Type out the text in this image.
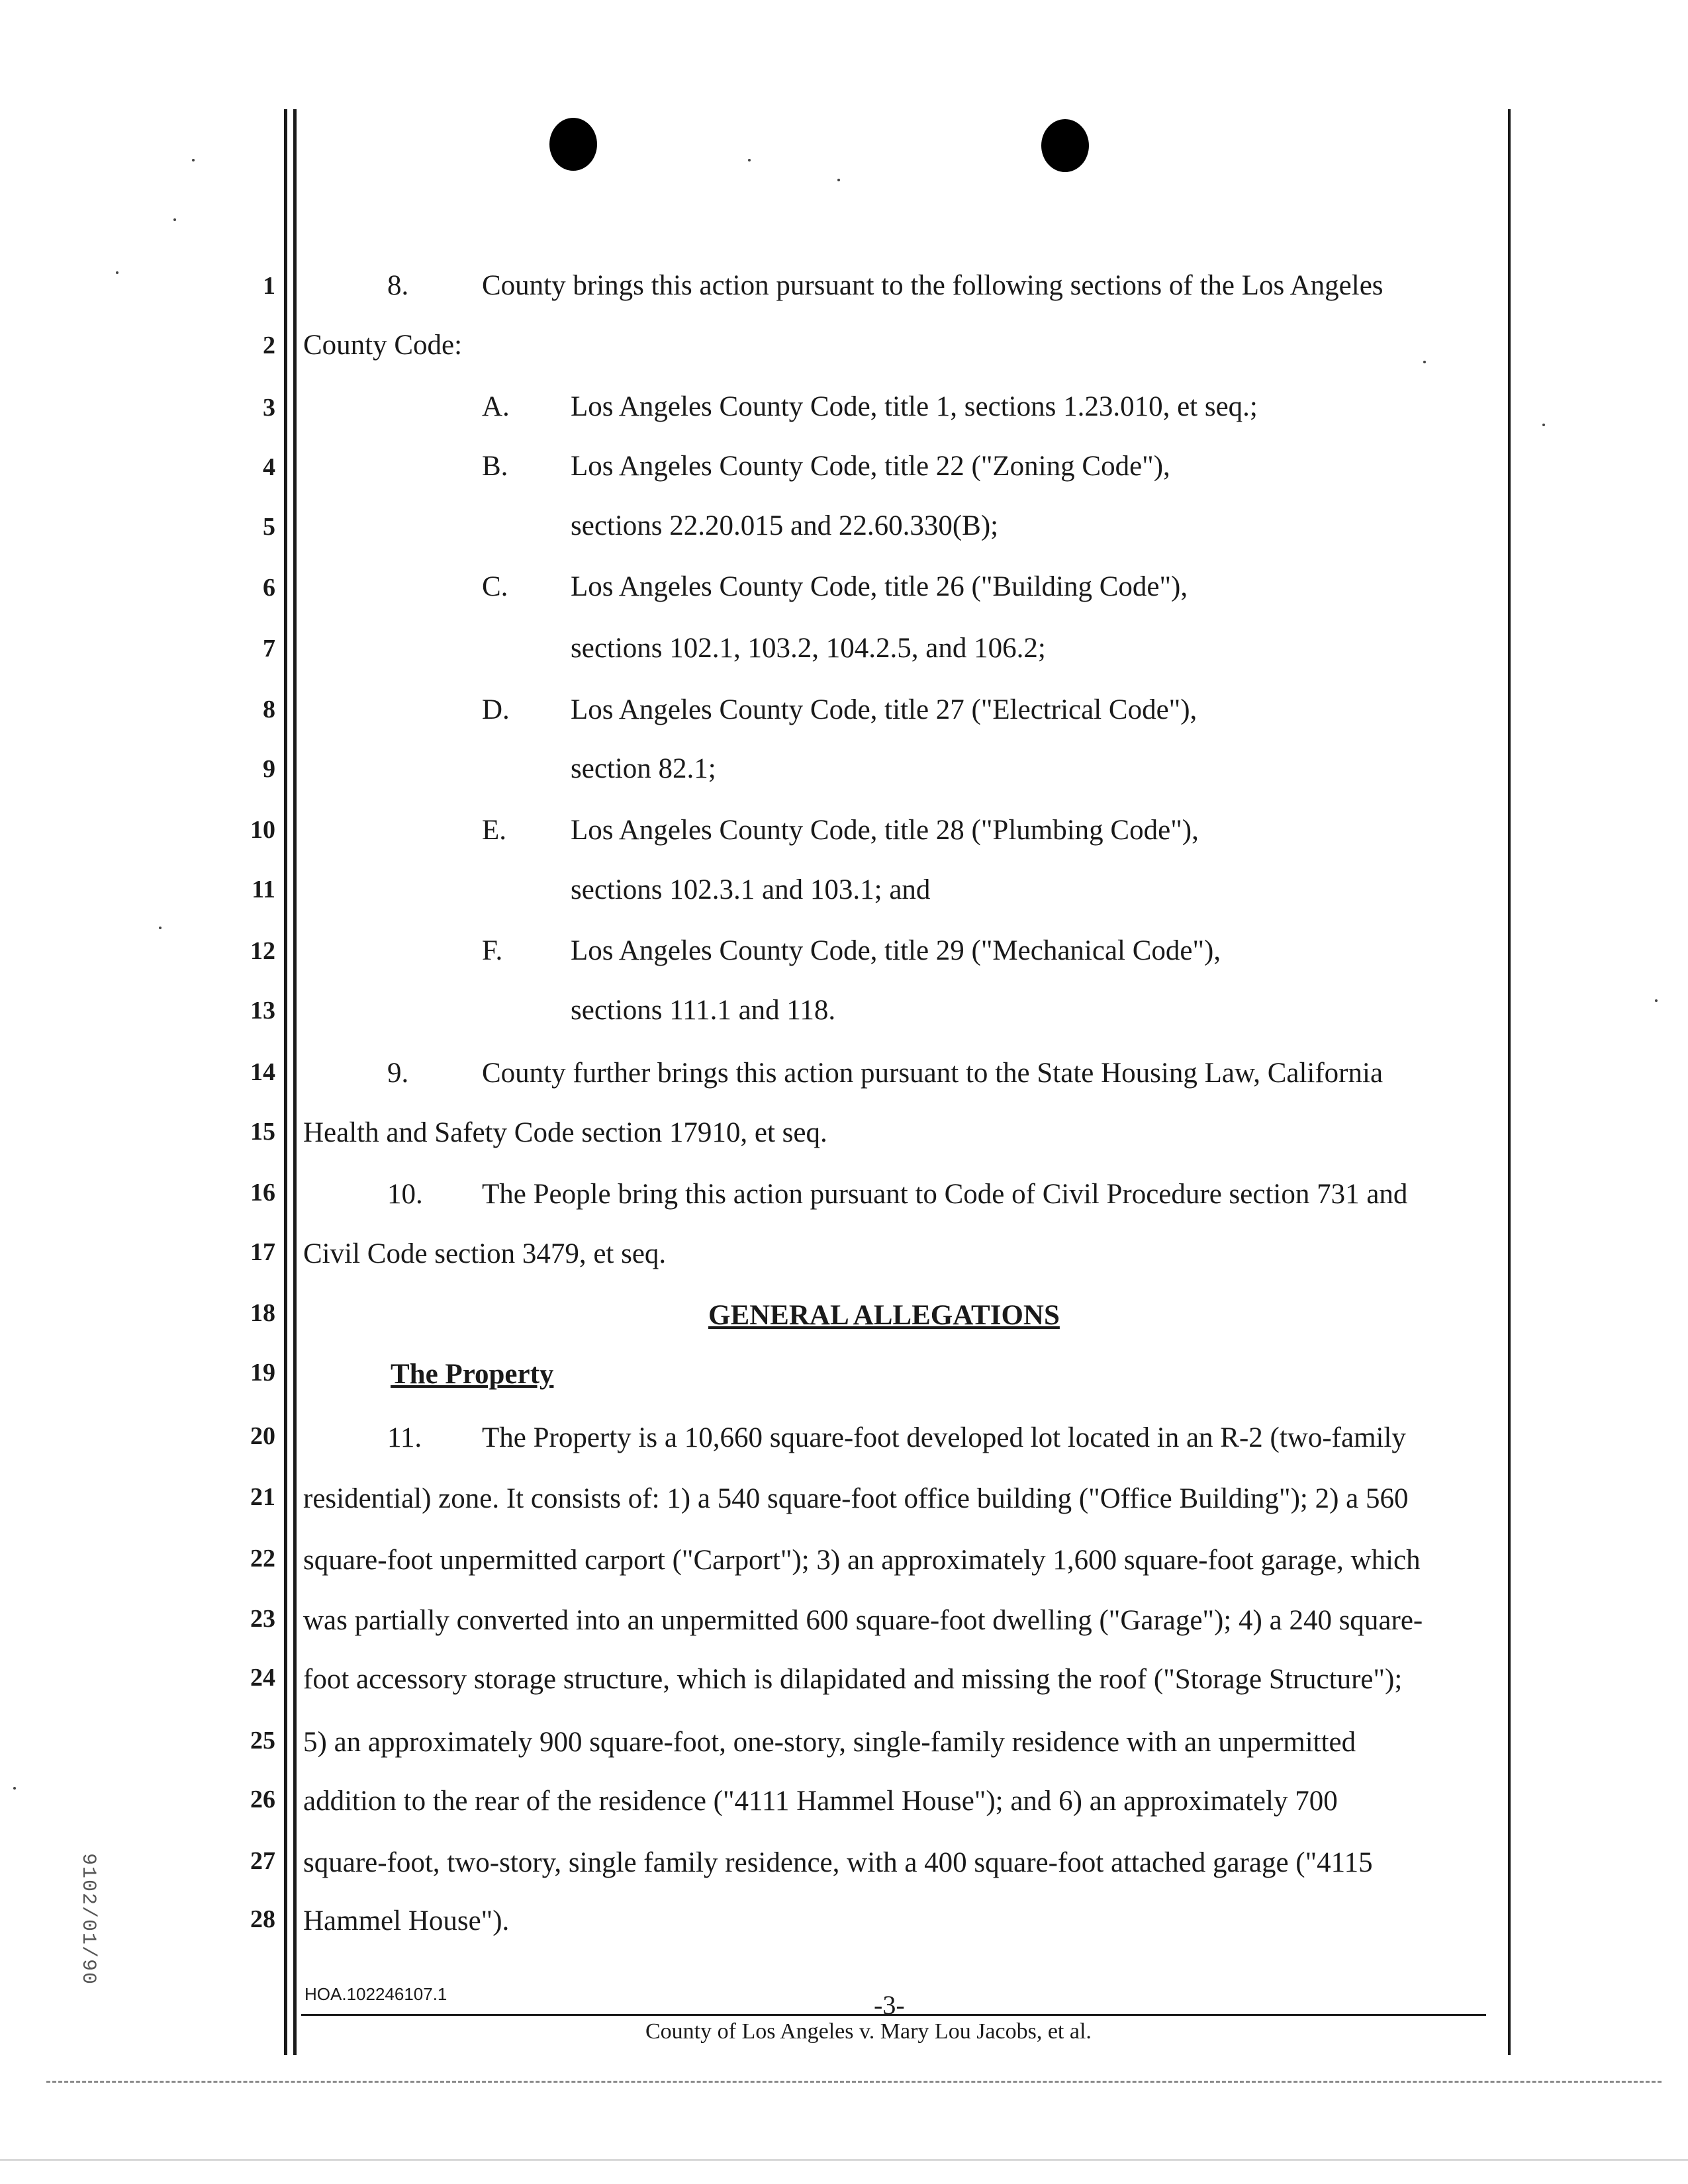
1
2
3
4
5
6
7
8
9
10
11
12
13
14
15
16
17
18
19
20
21
22
23
24
25
26
27
28
8.	County brings this action pursuant to the following sections of the Los Angeles
County Code:
A. Los Angeles County Code, title 1, sections 1.23.010, et seq.;
B. Los Angeles County Code, title 22 ("Zoning Code"),
sections 22.20.015 and 22.60.330(B);
C. Los Angeles County Code, title 26 ("Building Code"),
sections 102.1, 103.2, 104.2.5, and 106.2;
D. Los Angeles County Code, title 27 ("Electrical Code"),
section 82.1;
E. Los Angeles County Code, title 28 ("Plumbing Code"),
sections 102.3.1 and 103.1; and
F. Los Angeles County Code, title 29 ("Mechanical Code"),
sections 111.1 and 118.
9.	County further brings this action pursuant to the State Housing Law, California
Health and Safety Code section 17910, et seq.
10. The People bring this action pursuant to Code of Civil Procedure section 731 and
Civil Code section 3479, et seq.
GENERAL ALLEGATIONS
The Property
11. The Property is a 10,660 square-foot developed lot located in an R-2 (two-family
residential) zone. It consists of: 1) a 540 square-foot office building ("Office Building"); 2) a 560
square-foot unpermitted carport ("Carport"); 3) an approximately 1,600 square-foot garage, which
was partially converted into an unpermitted 600 square-foot dwelling ("Garage"); 4) a 240 square-
foot accessory storage structure, which is dilapidated and missing the roof ("Storage Structure");
5) an approximately 900 square-foot, one-story, single-family residence with an unpermitted
addition to the rear of the residence ("4111 Hammel House"); and 6) an approximately 700
square-foot, two-story, single family residence, with a 400 square-foot attached garage ("4115
Hammel House").
HOA.102246107.1	-3-
County of Los Angeles v. Mary Lou Jacobs, et al.
9102/01/90
